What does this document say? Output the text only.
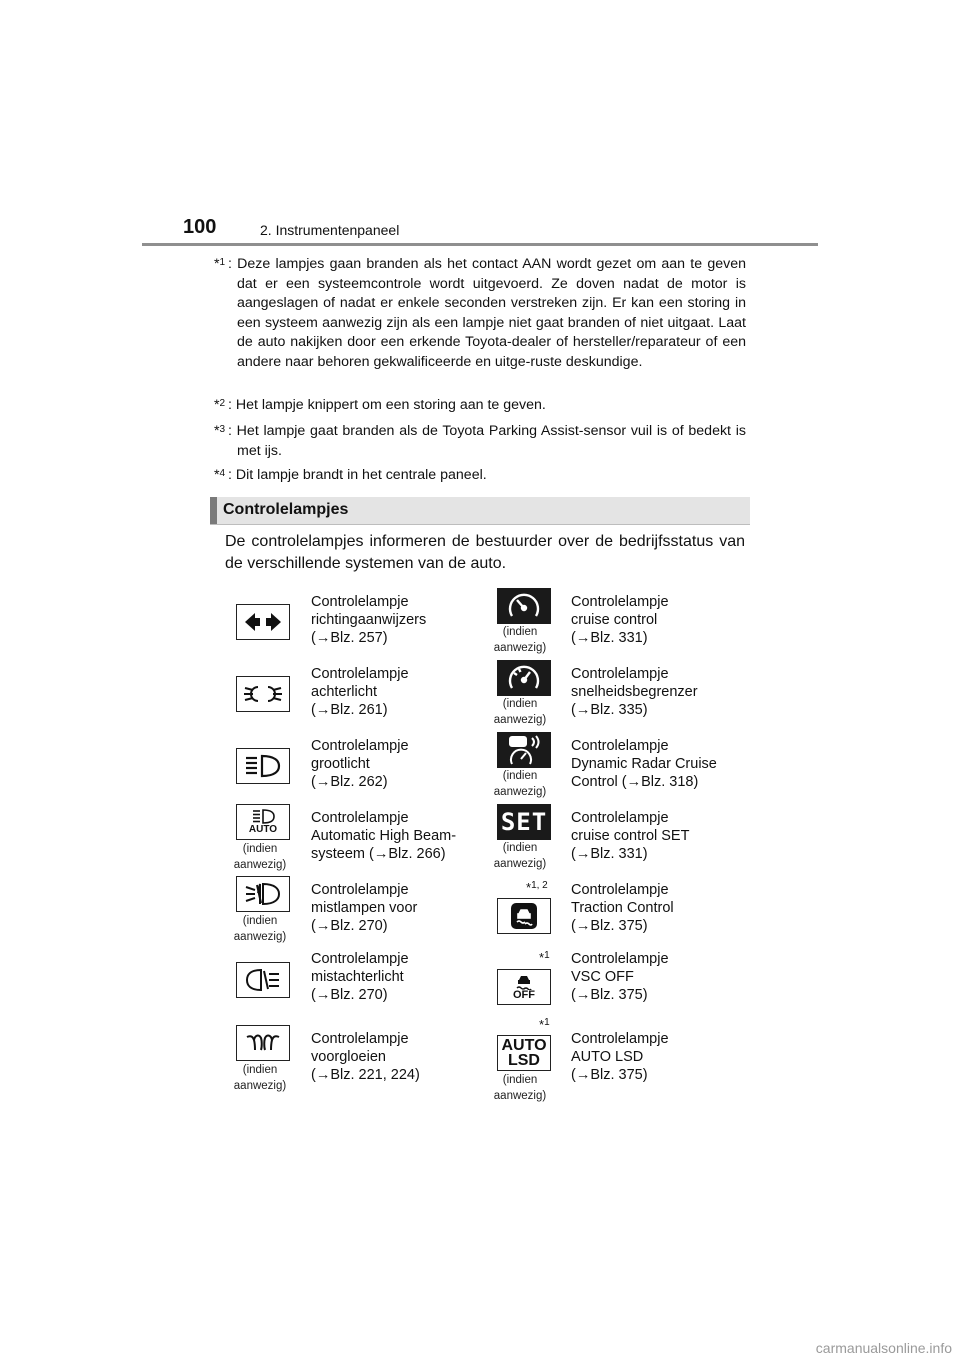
100	2. Instrumentenpaneel
*$^1$ : Deze lampjes gaan branden als het contact AAN wordt gezet om aan te geven dat er een systeemcontrole wordt uitgevoerd. Ze doven nadat de motor is aangeslagen of nadat er enkele seconden verstreken zijn. Er kan een storing in een systeem aanwezig zijn als een lampje niet gaat branden of niet uitgaat. Laat de auto nakijken door een erkende Toyota-dealer of hersteller/reparateur of een andere naar behoren gekwalificeerde en uitge-ruste deskundige.
*$^2$ : Het lampje knippert om een storing aan te geven.
*$^3$ : Het lampje gaat branden als de Toyota Parking Assist-sensor vuil is of bedekt is met ijs.
*$^4$ : Dit lampje brandt in het centrale paneel.
Controlelampjes
De controlelampjes informeren de bestuurder over de bedrijfsstatus van de verschillende systemen van de auto.
Controlelampje
richtingaanwijzers
(→Blz. 257)
Controlelampje
achterlicht
(→Blz. 261)
Controlelampje
grootlicht
(→Blz. 262)
AUTO
(indien
aanwezig)
Controlelampje
Automatic High Beam-
systeem (→Blz. 266)
(indien
aanwezig)
Controlelampje
mistlampen voor
(→Blz. 270)
Controlelampje
mistachterlicht
(→Blz. 270)
(indien
aanwezig)
Controlelampje
voorgloeien
(→Blz. 221, 224)
(indien
aanwezig)
Controlelampje
cruise control
(→Blz. 331)
(indien
aanwezig)
Controlelampje
snelheidsbegrenzer
(→Blz. 335)
(indien
aanwezig)
Controlelampje
Dynamic Radar Cruise
Control (→Blz. 318)
SET
(indien
aanwezig)
Controlelampje
cruise control SET
(→Blz. 331)
*$^{1, 2}$ Controlelampje
Traction Control
(→Blz. 375)
*$^1$
OFF
Controlelampje
VSC OFF
(→Blz. 375)
*$^1$
AUTO
LSD
(indien
aanwezig)
Controlelampje
AUTO LSD
(→Blz. 375)
carmanualsonline.info
